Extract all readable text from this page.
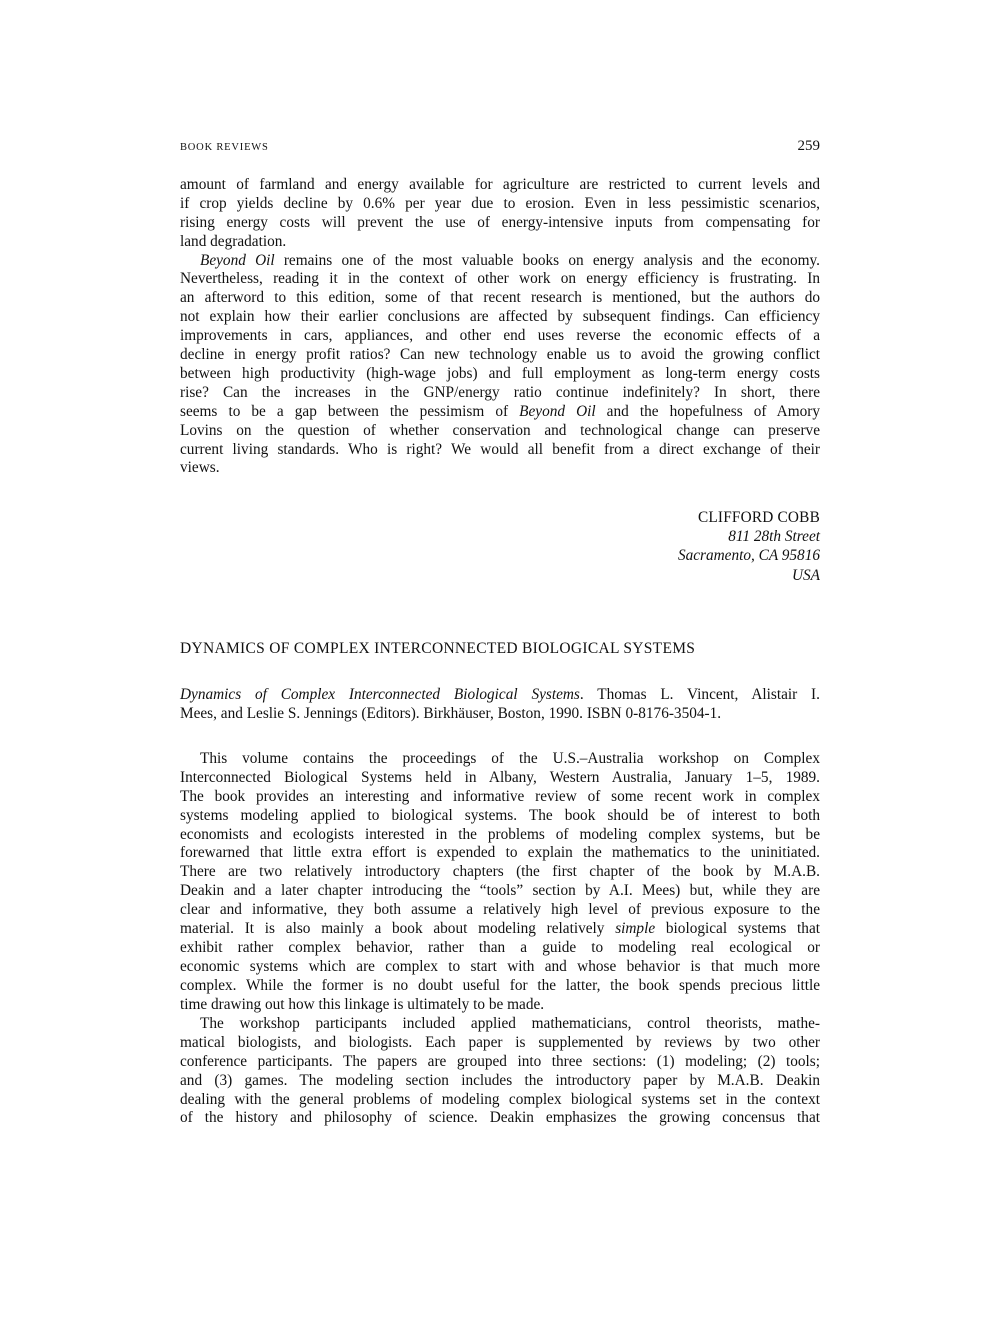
BOOK REVIEWS	259
amount of farmland and energy available for agriculture are restricted to current levels and
if crop yields decline by 0.6% per year due to erosion. Even in less pessimistic scenarios,
rising energy costs will prevent the use of energy-intensive inputs from compensating for
land degradation.
Beyond Oil remains one of the most valuable books on energy analysis and the economy.
Nevertheless, reading it in the context of other work on energy efficiency is frustrating. In
an afterword to this edition, some of that recent research is mentioned, but the authors do
not explain how their earlier conclusions are affected by subsequent findings. Can efficiency
improvements in cars, appliances, and other end uses reverse the economic effects of a
decline in energy profit ratios? Can new technology enable us to avoid the growing conflict
between high productivity (high-wage jobs) and full employment as long-term energy costs
rise? Can the increases in the GNP/energy ratio continue indefinitely? In short, there
seems to be a gap between the pessimism of Beyond Oil and the hopefulness of Amory
Lovins on the question of whether conservation and technological change can preserve
current living standards. Who is right? We would all benefit from a direct exchange of their
views.
CLIFFORD COBB
811 28th Street
Sacramento, CA 95816
USA
DYNAMICS OF COMPLEX INTERCONNECTED BIOLOGICAL SYSTEMS
Dynamics of Complex Interconnected Biological Systems. Thomas L. Vincent, Alistair I.
Mees, and Leslie S. Jennings (Editors). Birkhäuser, Boston, 1990. ISBN 0-8176-3504-1.
This volume contains the proceedings of the U.S.–Australia workshop on Complex
Interconnected Biological Systems held in Albany, Western Australia, January 1–5, 1989.
The book provides an interesting and informative review of some recent work in complex
systems modeling applied to biological systems. The book should be of interest to both
economists and ecologists interested in the problems of modeling complex systems, but be
forewarned that little extra effort is expended to explain the mathematics to the uninitiated.
There are two relatively introductory chapters (the first chapter of the book by M.A.B.
Deakin and a later chapter introducing the “tools” section by A.I. Mees) but, while they are
clear and informative, they both assume a relatively high level of previous exposure to the
material. It is also mainly a book about modeling relatively simple biological systems that
exhibit rather complex behavior, rather than a guide to modeling real ecological or
economic systems which are complex to start with and whose behavior is that much more
complex. While the former is no doubt useful for the latter, the book spends precious little
time drawing out how this linkage is ultimately to be made.
The workshop participants included applied mathematicians, control theorists, mathe-
matical biologists, and biologists. Each paper is supplemented by reviews by two other
conference participants. The papers are grouped into three sections: (1) modeling; (2) tools;
and (3) games. The modeling section includes the introductory paper by M.A.B. Deakin
dealing with the general problems of modeling complex biological systems set in the context
of the history and philosophy of science. Deakin emphasizes the growing concensus that
